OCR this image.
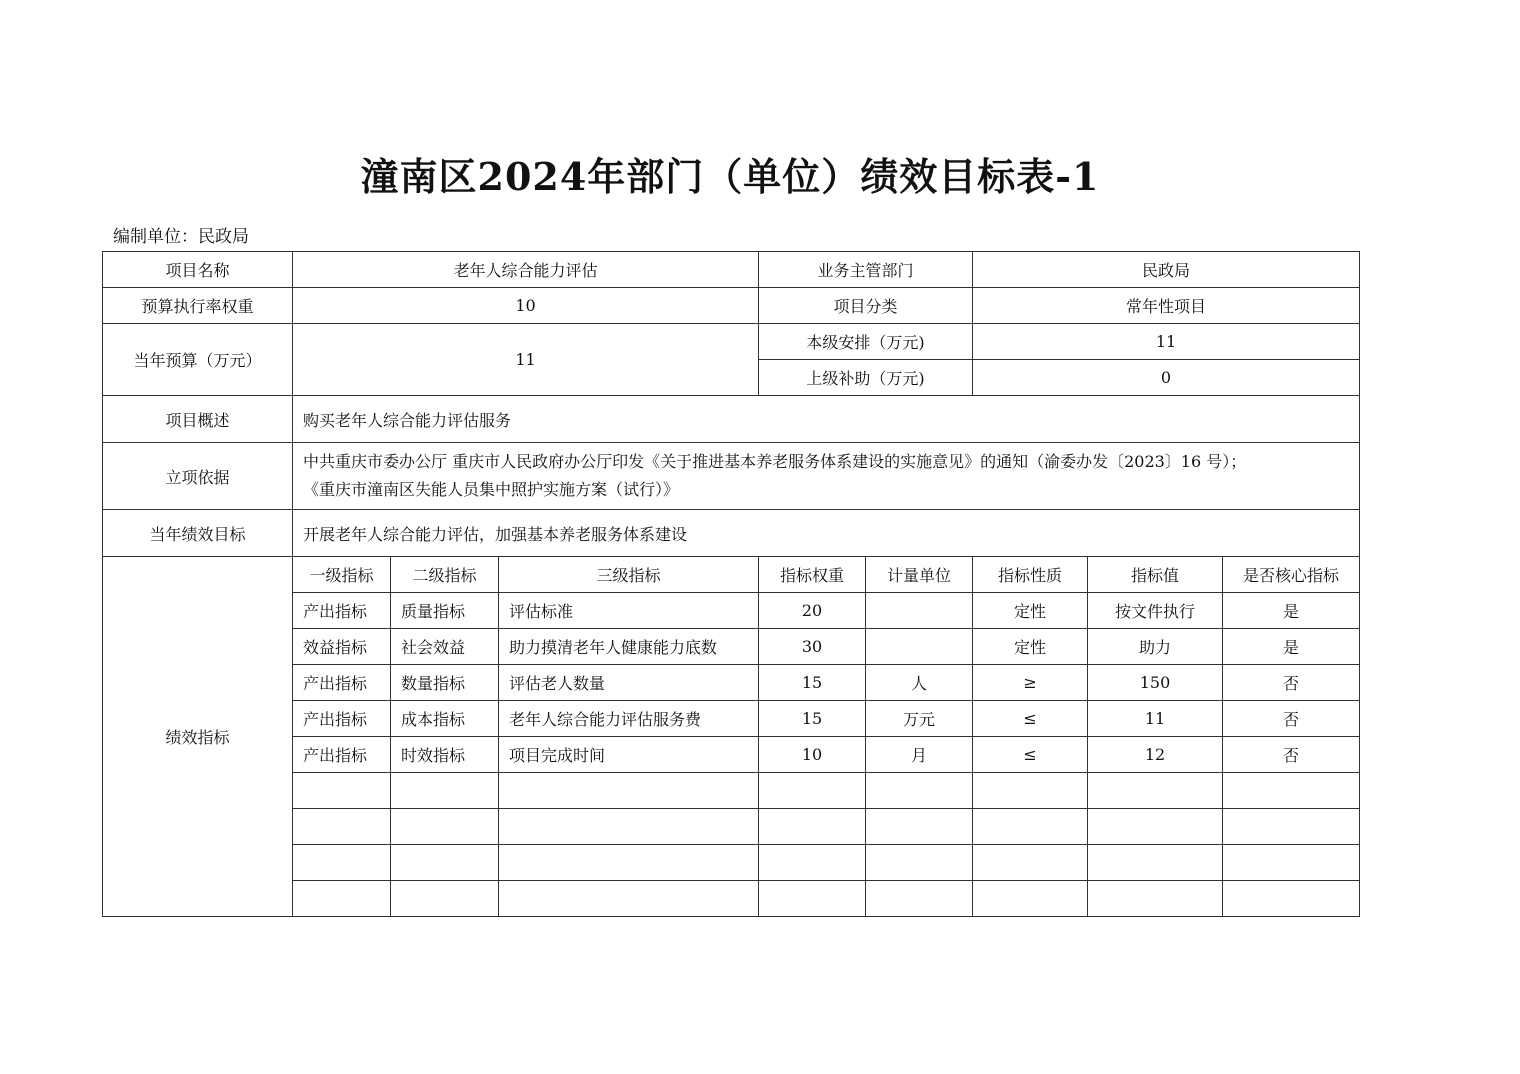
潼南区2024年部门（单位）绩效目标表-1
编制单位：民政局
项目名称	老年人综合能力评估			业务主管部门		民政局		
预算执行率权重	10			项目分类		常年性项目		
当年预算（万元）	11			本级安排（万元)		11		
				上级补助（万元)		0		
项目概述	购买老年人综合能力评估服务							
立项依据	中共重庆市委办公厅 重庆市人民政府办公厅印发《关于推进基本养老服务体系建设的实施意见》的通知（渝委办发〔2023〕16 号）；
《重庆市潼南区失能人员集中照护实施方案（试行）》							

当年绩效目标	开展老年人综合能力评估，加强基本养老服务体系建设							
绩效指标	一级指标	二级指标	三级指标	指标权重	计量单位	指标性质	指标值	是否核心指标
	产出指标	质量指标	评估标准	20		定性	按文件执行	是
	效益指标	社会效益	助力摸清老年人健康能力底数	30		定性	助力	是
	产出指标	数量指标	评估老人数量	15	人	≥	150	否
	产出指标	成本指标	老年人综合能力评估服务费	15	万元	≤	11	否
	产出指标	时效指标	项目完成时间	10	月	≤	12	否
